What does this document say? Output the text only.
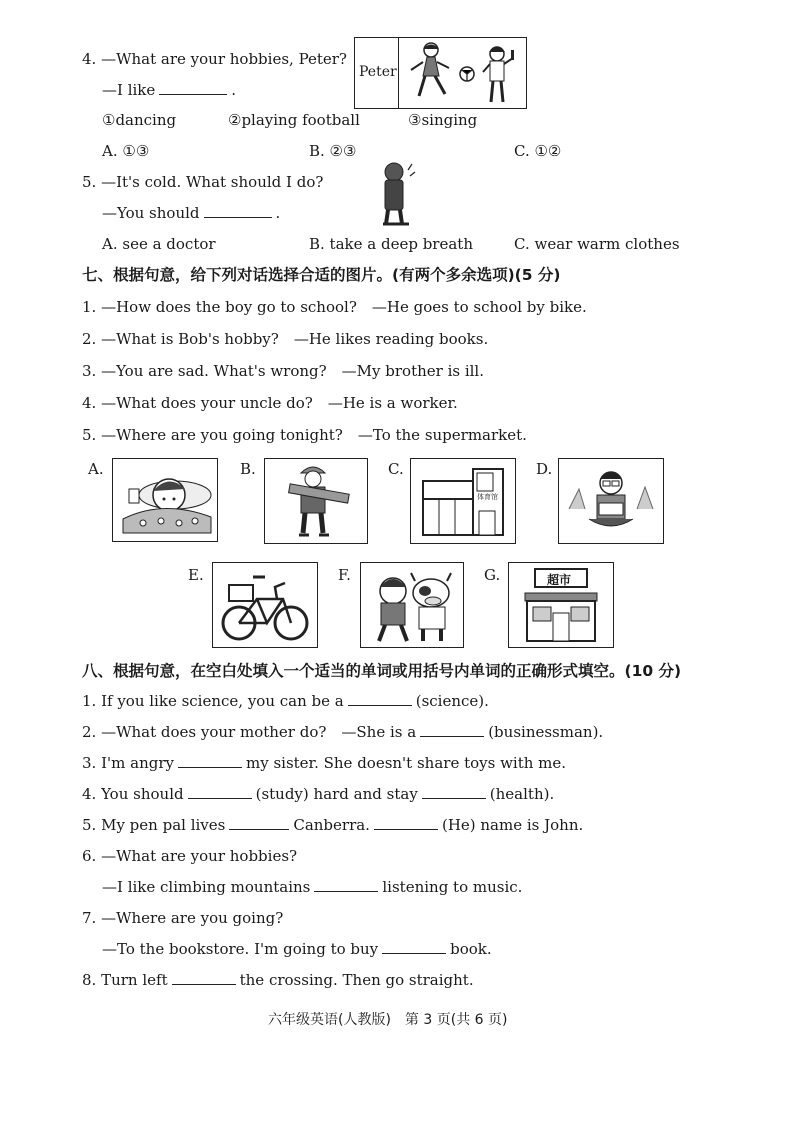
4. —What are your hobbies, Peter?
—I like	.
Peter
①dancing	②playing football	③singing
A. ①③	B. ②③	C. ①②
5. —It's cold. What should I do?
—You should	.
A. see a doctor	B. take a deep breath	C. wear warm clothes
七、根据句意，给下列对话选择合适的图片。(有两个多余选项)(5 分)
1. —How does the boy go to school?　—He goes to school by bike.
2. —What is Bob's hobby?　—He likes reading books.
3. —You are sad. What's wrong?　—My brother is ill.
4. —What does your uncle do?　—He is a worker.
5. —Where are you going tonight?　—To the supermarket.
A.	B.	C.
体育馆
D.
E.	F.	G.	超市
八、根据句意，在空白处填入一个适当的单词或用括号内单词的正确形式填空。(10 分)
1. If you like science, you can be a	(science).
2. —What does your mother do?　—She is a	(businessman).
3. I'm angry	my sister. She doesn't share toys with me.
4. You should	(study) hard and stay	(health).
5. My pen pal lives	Canberra.	(He) name is John.
6. —What are your hobbies?
—I like climbing mountains	listening to music.
7. —Where are you going?
—To the bookstore. I'm going to buy	book.
8. Turn left	the crossing. Then go straight.
六年级英语(人教版)　第 3 页(共 6 页)
